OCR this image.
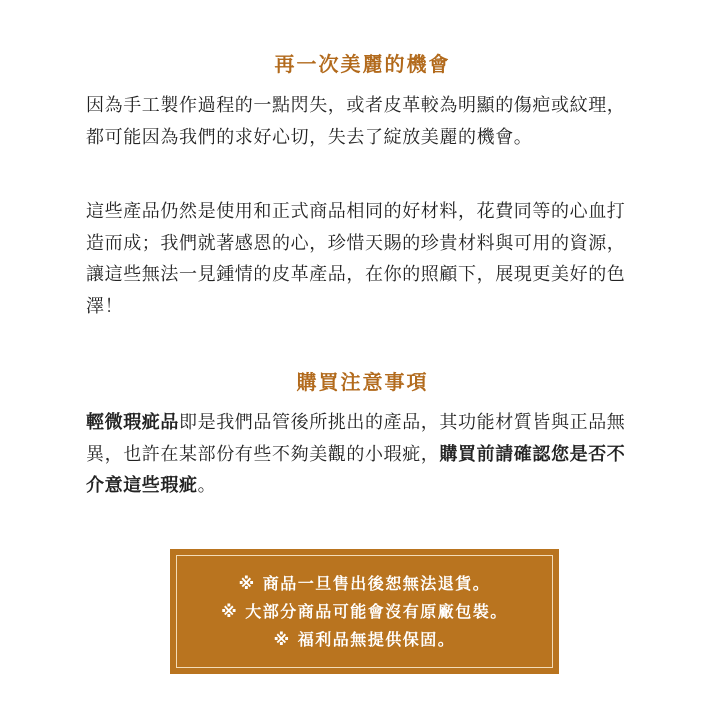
再一次美麗的機會

因為手工製作過程的一點閃失，或者皮革較為明顯的傷疤或紋理，都可能因為我們的求好心切，失去了綻放美麗的機會。

這些產品仍然是使用和正式商品相同的好材料，花費同等的心血打造而成；我們就著感恩的心，珍惜天賜的珍貴材料與可用的資源，讓這些無法一見鍾情的皮革產品，在你的照顧下，展現更美好的色澤！

購買注意事項

輕微瑕疵品即是我們品管後所挑出的產品，其功能材質皆與正品無異，也許在某部份有些不夠美觀的小瑕疵，購買前請確認您是否不介意這些瑕疵。

※ 商品一旦售出後恕無法退貨。
※ 大部分商品可能會沒有原廠包裝。
※ 福利品無提供保固。
